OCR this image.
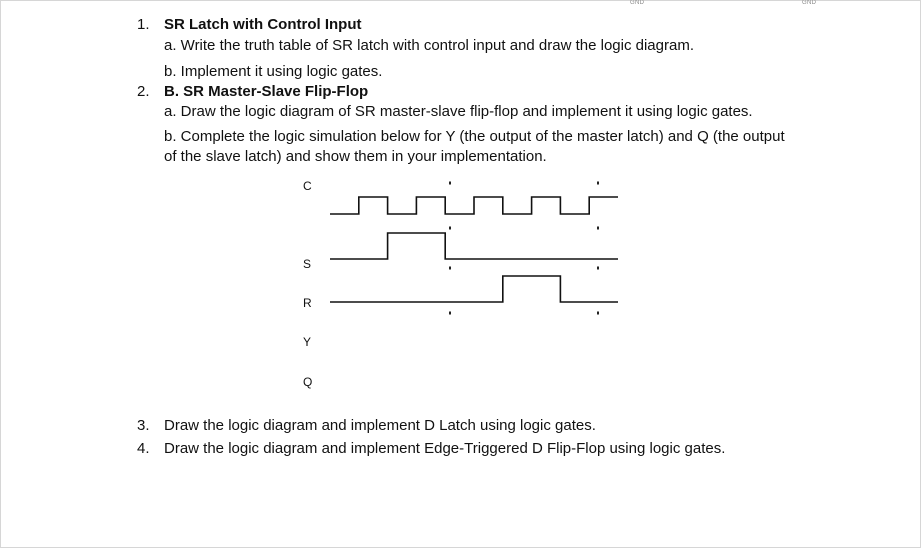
GND	GND
1. SR Latch with Control Input
a. Write the truth table of SR latch with control input and draw the logic diagram.
b. Implement it using logic gates.
2. B. SR Master-Slave Flip-Flop
a. Draw the logic diagram of SR master-slave flip-flop and implement it using logic gates.
b. Complete the logic simulation below for Y (the output of the master latch) and Q (the output
of the slave latch) and show them in your implementation.
C
S
R
Y
Q
3. Draw the logic diagram and implement D Latch using logic gates.
4. Draw the logic diagram and implement Edge-Triggered D Flip-Flop using logic gates.
